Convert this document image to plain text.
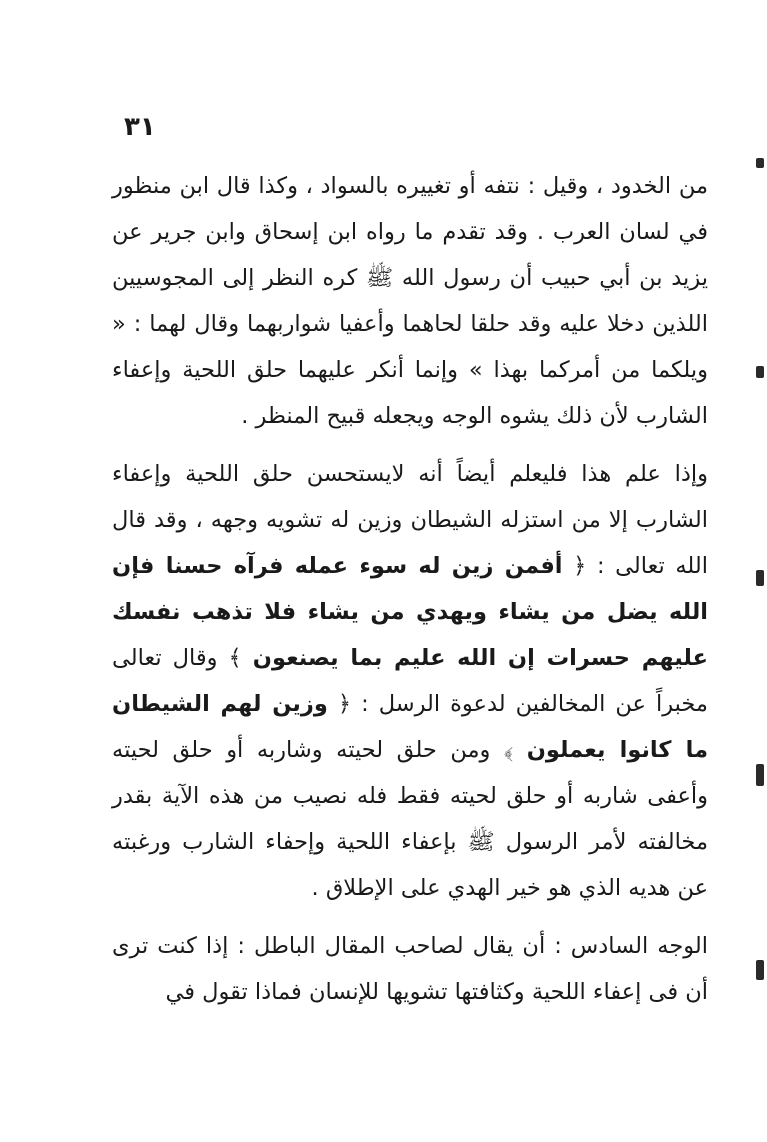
٣١

من الخدود ، وقيل : نتفه أو تغييره بالسواد ، وكذا قال ابن منظور في لسان العرب . وقد تقدم ما رواه ابن إسحاق وابن جرير عن يزيد بن أبي حبيب أن رسول الله ﷺ كره النظر إلى المجوسيين اللذين دخلا عليه وقد حلقا لحاهما وأعفيا شواربهما وقال لهما : « ويلكما من أمركما بهذا » وإنما أنكر عليهما حلق اللحية وإعفاء الشارب لأن ذلك يشوه الوجه ويجعله قبيح المنظر .

وإذا علم هذا فليعلم أيضاً أنه لايستحسن حلق اللحية وإعفاء الشارب إلا من استزله الشيطان وزين له تشويه وجهه ، وقد قال الله تعالى : ﴿ أفمن زين له سوء عمله فرآه حسنا فإن الله يضل من يشاء ويهدي من يشاء فلا تذهب نفسك عليهم حسرات إن الله عليم بما يصنعون ﴾ وقال تعالى مخبراً عن المخالفين لدعوة الرسل : ﴿ وزين لهم الشيطان ما كانوا يعملون ﴾ ومن حلق لحيته وشاربه أو حلق لحيته وأعفى شاربه أو حلق لحيته فقط فله نصيب من هذه الآية بقدر مخالفته لأمر الرسول ﷺ بإعفاء اللحية وإحفاء الشارب ورغبته عن هديه الذي هو خير الهدي على الإطلاق .

الوجه السادس : أن يقال لصاحب المقال الباطل : إذا كنت ترى أن فى إعفاء اللحية وكثافتها تشويها للإنسان فماذا تقول في
